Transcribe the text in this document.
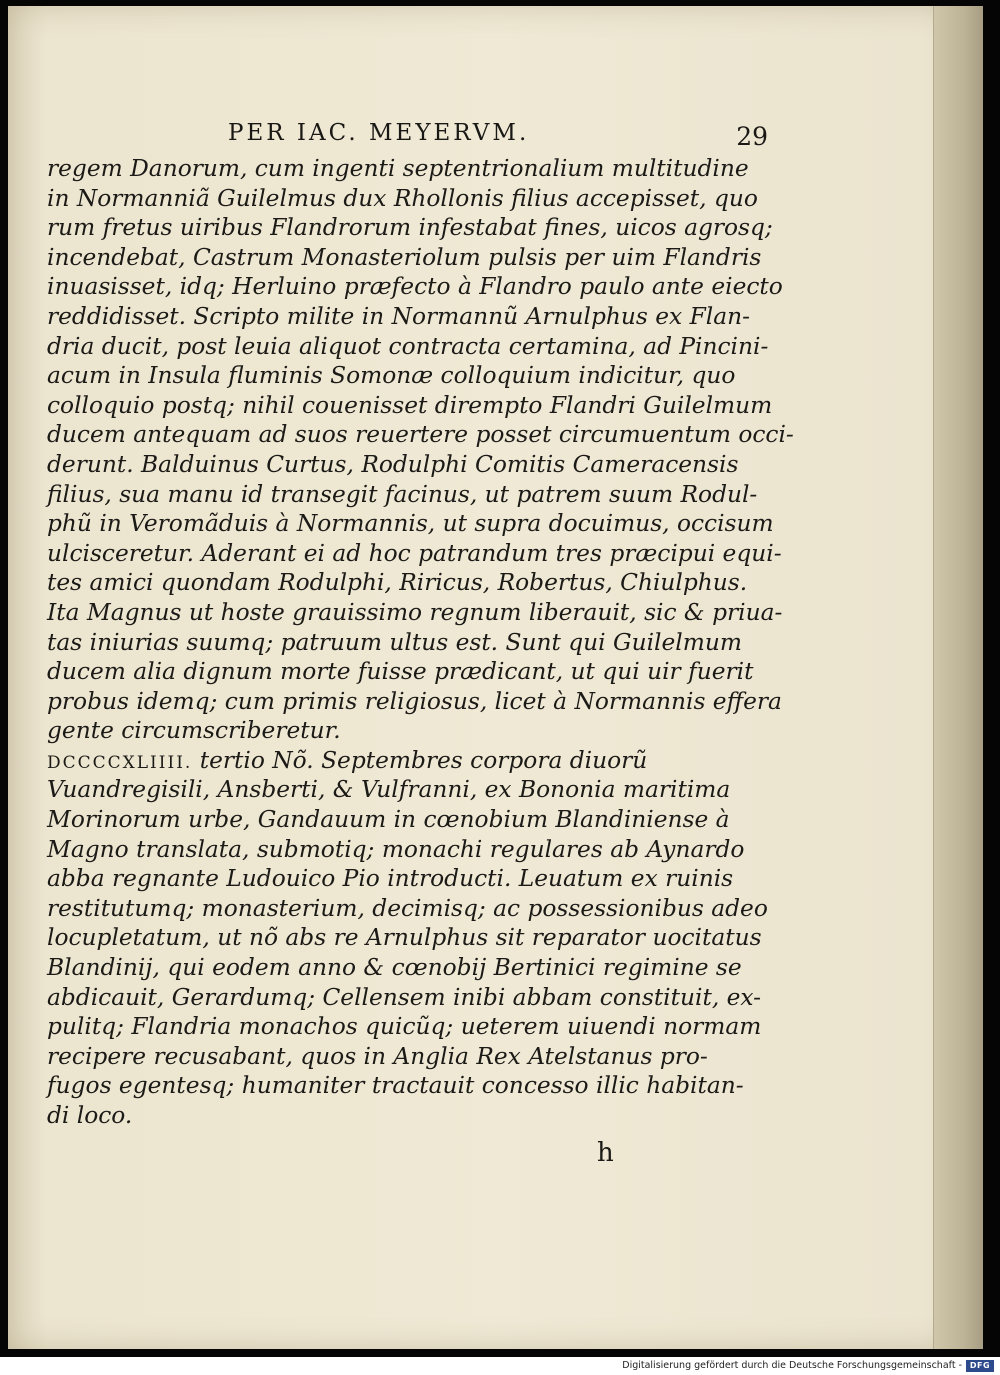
PER IAC. MEYERVM.	29
regem Danorum, cum ingenti septentrionalium multitudine
in Normanniã Guilelmus dux Rhollonis filius accepisset, quo
rum fretus uiribus Flandrorum infestabat fines, uicos agrosq;
incendebat, Castrum Monasteriolum pulsis per uim Flandris
inuasisset, idq; Herluino præfecto à Flandro paulo ante eiecto
reddidisset. Scripto milite in Normannũ Arnulphus ex Flan-
dria ducit, post leuia aliquot contracta certamina, ad Pincini-
acum in Insula fluminis Somonæ colloquium indicitur, quo
colloquio postq; nihil couenisset dirempto Flandri Guilelmum
ducem antequam ad suos reuertere posset circumuentum occi-
derunt. Balduinus Curtus, Rodulphi Comitis Cameracensis
filius, sua manu id transegit facinus, ut patrem suum Rodul-
phũ in Veromãduis à Normannis, ut supra docuimus, occisum
ulcisceretur. Aderant ei ad hoc patrandum tres præcipui equi-
tes amici quondam Rodulphi, Riricus, Robertus, Chiulphus.
Ita Magnus ut hoste grauissimo regnum liberauit, sic & priua-
tas iniurias suumq; patruum ultus est. Sunt qui Guilelmum
ducem alia dignum morte fuisse prædicant, ut qui uir fuerit
probus idemq; cum primis religiosus, licet à Normannis effera
gente circumscriberetur.
DCCCCXLIIII. tertio Nõ. Septembres corpora diuorũ
Vuandregisili, Ansberti, & Vulfranni, ex Bononia maritima
Morinorum urbe, Gandauum in cœnobium Blandiniense à
Magno translata, submotiq; monachi regulares ab Aynardo
abba regnante Ludouico Pio introducti. Leuatum ex ruinis
restitutumq; monasterium, decimisq; ac possessionibus adeo
locupletatum, ut nõ abs re Arnulphus sit reparator uocitatus
Blandinij, qui eodem anno & cœnobij Bertinici regimine se
abdicauit, Gerardumq; Cellensem inibi abbam constituit, ex-
pulitq; Flandria monachos quicũq; ueterem uiuendi normam
recipere recusabant, quos in Anglia Rex Atelstanus pro-
fugos egentesq; humaniter tractauit concesso illic habitan-
di loco.
h
Digitalisierung gefördert durch die Deutsche Forschungsgemeinschaft - DFG
